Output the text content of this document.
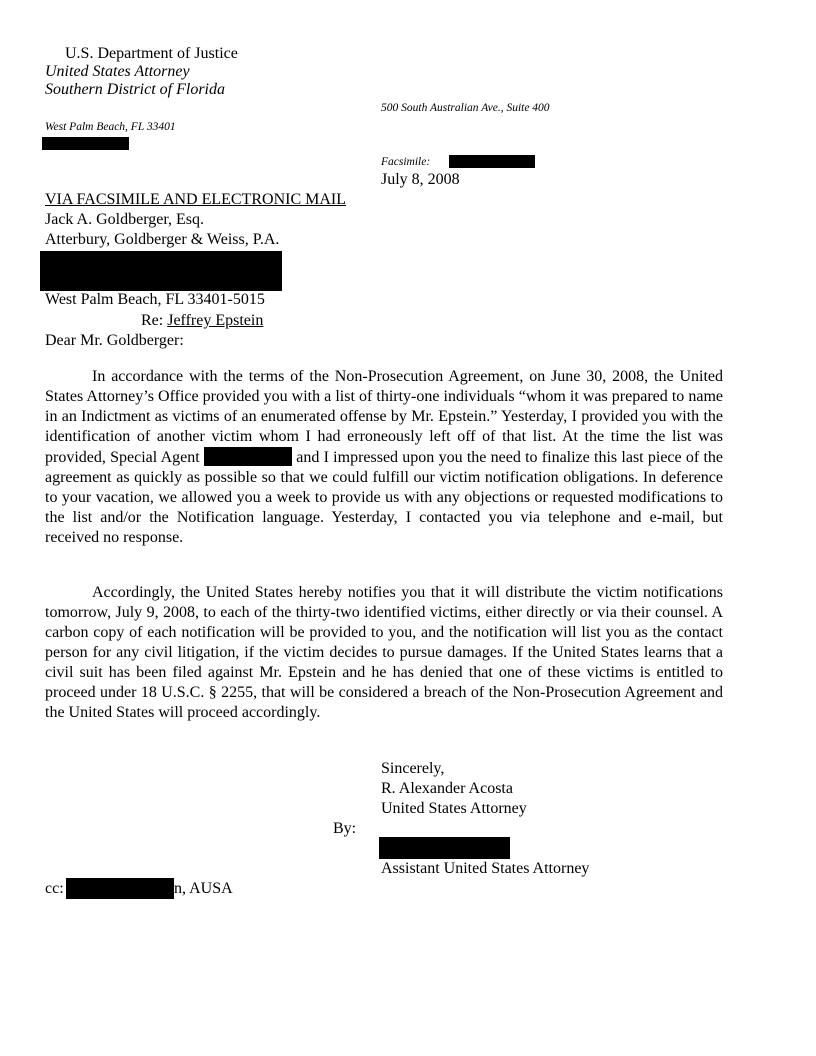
U.S. Department of Justice
United States Attorney
Southern District of Florida
500 South Australian Ave., Suite 400
West Palm Beach, FL 33401
Facsimile:
July 8, 2008
VIA FACSIMILE AND ELECTRONIC MAIL
Jack A. Goldberger, Esq.
Atterbury, Goldberger & Weiss, P.A.
West Palm Beach, FL 33401-5015
Re: Jeffrey Epstein
Dear Mr. Goldberger:
In accordance with the terms of the Non-Prosecution Agreement, on June 30, 2008, the United States Attorney’s Office provided you with a list of thirty-one individuals “whom it was prepared to name in an Indictment as victims of an enumerated offense by Mr. Epstein.” Yesterday, I provided you with the identification of another victim whom I had erroneously left off of that list. At the time the list was provided, Special Agent	and I impressed upon you the need to finalize this last piece of the agreement as quickly as possible so that we could fulfill our victim notification obligations. In deference to your vacation, we allowed you a week to provide us with any objections or requested modifications to the list and/or the Notification language. Yesterday, I contacted you via telephone and e-mail, but received no response.
Accordingly, the United States hereby notifies you that it will distribute the victim notifications tomorrow, July 9, 2008, to each of the thirty-two identified victims, either directly or via their counsel. A carbon copy of each notification will be provided to you, and the notification will list you as the contact person for any civil litigation, if the victim decides to pursue damages. If the United States learns that a civil suit has been filed against Mr. Epstein and he has denied that one of these victims is entitled to proceed under 18 U.S.C. § 2255, that will be considered a breach of the Non-Prosecution Agreement and the United States will proceed accordingly.
Sincerely,
R. Alexander Acosta
United States Attorney
By:
Assistant United States Attorney
cc:	n, AUSA
